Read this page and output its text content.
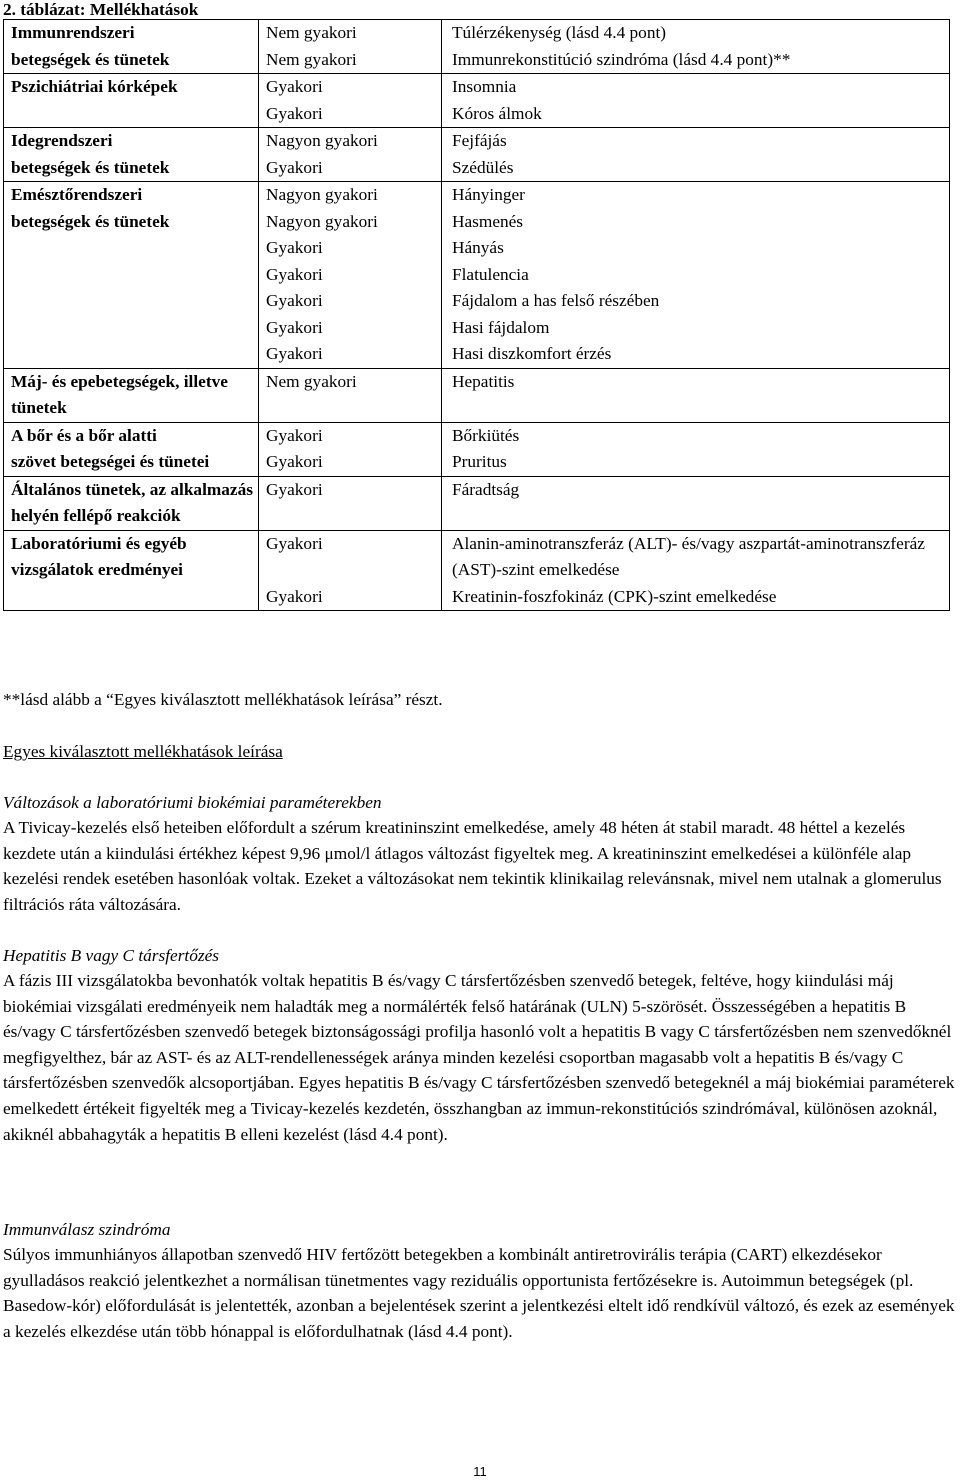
2. táblázat: Mellékhatások
Immunrendszeri	Nem gyakori	Túlérzékenység (lásd 4.4 pont)
betegségek és tünetek	Nem gyakori	Immunrekonstitúció szindróma (lásd 4.4 pont)**
Pszichiátriai kórképek	Gyakori	Insomnia
	Gyakori	Kóros álmok
Idegrendszeri	Nagyon gyakori	Fejfájás
betegségek és tünetek	Gyakori	Szédülés
Emésztőrendszeri	Nagyon gyakori	Hányinger
betegségek és tünetek	Nagyon gyakori	Hasmenés
	Gyakori	Hányás
	Gyakori	Flatulencia
	Gyakori	Fájdalom a has felső részében
	Gyakori	Hasi fájdalom
	Gyakori	Hasi diszkomfort érzés
Máj- és epebetegségek, illetve tünetek	Nem gyakori	Hepatitis
A bőr és a bőr alatti	Gyakori	Bőrkiütés
szövet betegségei és tünetei	Gyakori	Pruritus
Általános tünetek, az alkalmazás helyén fellépő reakciók	Gyakori	Fáradtság
Laboratóriumi és egyéb vizsgálatok eredményei	Gyakori	Alanin-aminotranszferáz (ALT)- és/vagy aszpartát-aminotranszferáz (AST)-szint emelkedése
	Gyakori	Kreatinin-foszfokináz (CPK)-szint emelkedése
**lásd alább a “Egyes kiválasztott mellékhatások leírása” részt.
Egyes kiválasztott mellékhatások leírása
Változások a laboratóriumi biokémiai paraméterekben
A Tivicay-kezelés első heteiben előfordult a szérum kreatininszint emelkedése, amely 48 héten át stabil maradt. 48 héttel a kezelés kezdete után a kiindulási értékhez képest 9,96 μmol/l átlagos változást figyeltek meg. A kreatininszint emelkedései a különféle alap kezelési rendek esetében hasonlóak voltak. Ezeket a változásokat nem tekintik klinikailag relevánsnak, mivel nem utalnak a glomerulus filtrációs ráta változására.
Hepatitis B vagy C társfertőzés
A fázis III vizsgálatokba bevonhatók voltak hepatitis B és/vagy C társfertőzésben szenvedő betegek, feltéve, hogy kiindulási máj biokémiai vizsgálati eredményeik nem haladták meg a normálérték felső határának (ULN) 5-szörösét. Összességében a hepatitis B és/vagy C társfertőzésben szenvedő betegek biztonságossági profilja hasonló volt a hepatitis B vagy C társfertőzésben nem szenvedőknél megfigyelthez, bár az AST- és az ALT-rendellenességek aránya minden kezelési csoportban magasabb volt a hepatitis B és/vagy C társfertőzésben szenvedők alcsoportjában. Egyes hepatitis B és/vagy C társfertőzésben szenvedő betegeknél a máj biokémiai paraméterek emelkedett értékeit figyelték meg a Tivicay-kezelés kezdetén, összhangban az immun-rekonstitúciós szindrómával, különösen azoknál, akiknél abbahagyták a hepatitis B elleni kezelést (lásd 4.4 pont).
Immunválasz szindróma
Súlyos immunhiányos állapotban szenvedő HIV fertőzött betegekben a kombinált antiretrovirális terápia (CART) elkezdésekor gyulladásos reakció jelentkezhet a normálisan tünetmentes vagy reziduális opportunista fertőzésekre is. Autoimmun betegségek (pl. Basedow-kór) előfordulását is jelentették, azonban a bejelentések szerint a jelentkezési eltelt idő rendkívül változó, és ezek az események a kezelés elkezdése után több hónappal is előfordulhatnak (lásd 4.4 pont).
11
